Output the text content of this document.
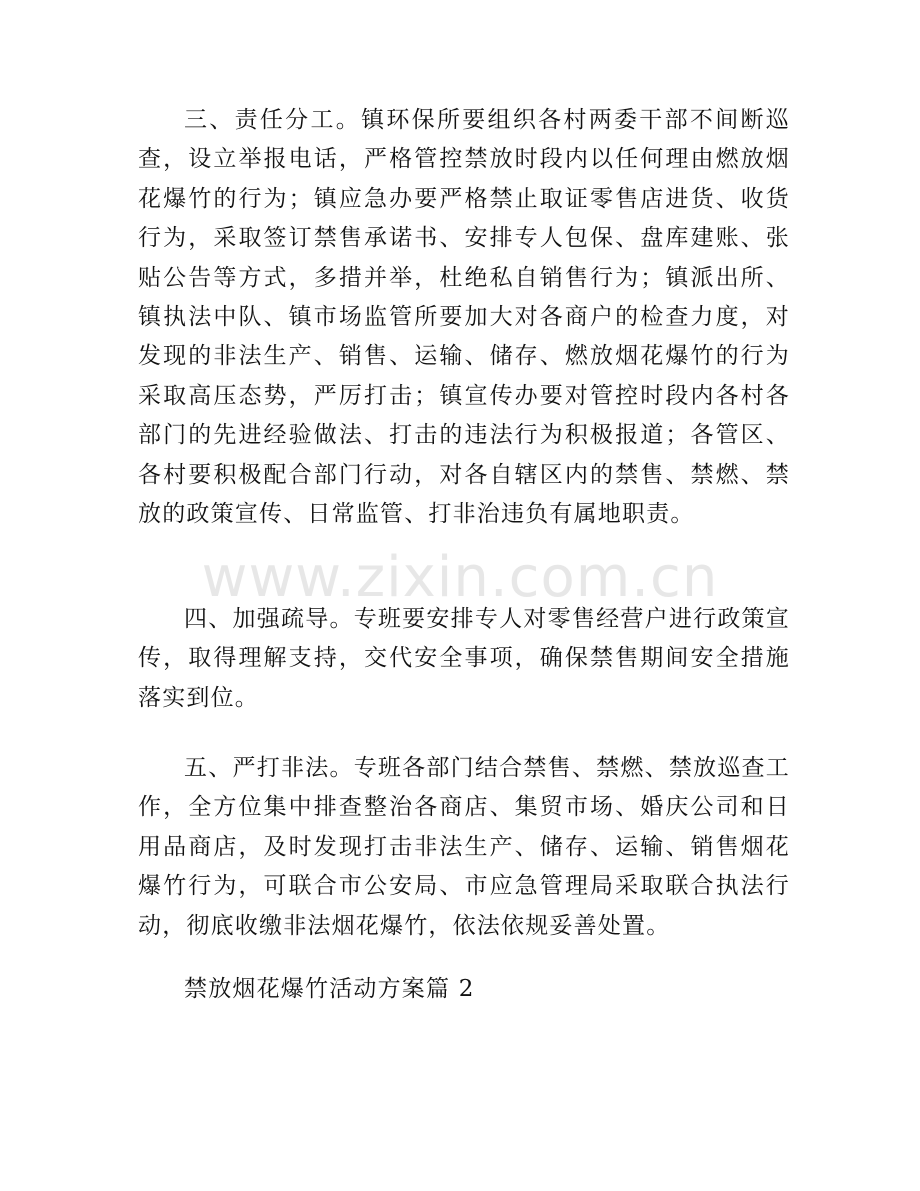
三、责任分工。镇环保所要组织各村两委干部不间断巡查，设立举报电话，严格管控禁放时段内以任何理由燃放烟花爆竹的行为；镇应急办要严格禁止取证零售店进货、收货行为，采取签订禁售承诺书、安排专人包保、盘库建账、张贴公告等方式，多措并举，杜绝私自销售行为；镇派出所、镇执法中队、镇市场监管所要加大对各商户的检查力度，对发现的非法生产、销售、运输、储存、燃放烟花爆竹的行为采取高压态势，严厉打击；镇宣传办要对管控时段内各村各部门的先进经验做法、打击的违法行为积极报道；各管区、各村要积极配合部门行动，对各自辖区内的禁售、禁燃、禁放的政策宣传、日常监管、打非治违负有属地职责。

www.zixin.com.cn

四、加强疏导。专班要安排专人对零售经营户进行政策宣传，取得理解支持，交代安全事项，确保禁售期间安全措施落实到位。

五、严打非法。专班各部门结合禁售、禁燃、禁放巡查工作，全方位集中排查整治各商店、集贸市场、婚庆公司和日用品商店，及时发现打击非法生产、储存、运输、销售烟花爆竹行为，可联合市公安局、市应急管理局采取联合执法行动，彻底收缴非法烟花爆竹，依法依规妥善处置。

禁放烟花爆竹活动方案篇 2
